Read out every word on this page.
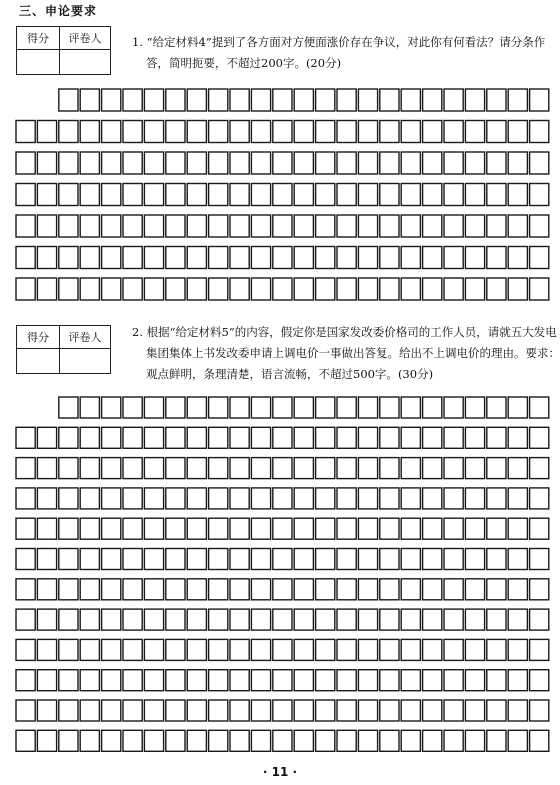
三、申论要求
得分	评卷人
		1. “给定材料4”提到了各方面对方便面涨价存在争议，对此你有何看法？请分条作答，简明扼要，不超过200字。(20分)

得分	评卷人
		2. 根据“给定材料5”的内容，假定你是国家发改委价格司的工作人员，请就五大发电集团集体上书发改委申请上调电价一事做出答复。给出不上调电价的理由。要求：观点鲜明，条理清楚，语言流畅，不超过500字。(30分)

· 11 ·
